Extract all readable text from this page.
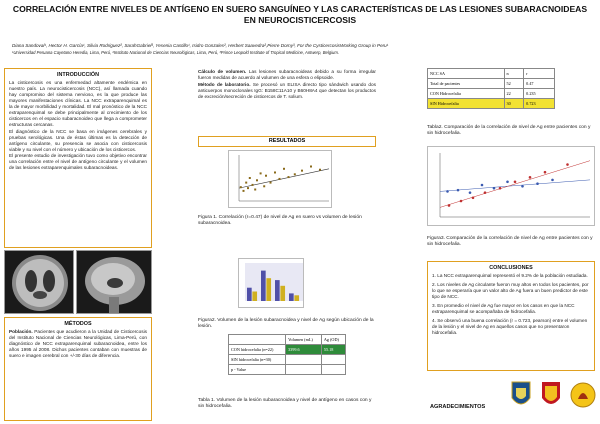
CORRELACIÓN ENTRE NIVELES DE ANTÍGENO EN SUERO SANGUÍNEO Y LAS CARACTERÍSTICAS DE LAS LESIONES SUBARACNOIDEAS EN NEUROCISTICERCOSIS
Diana Sandoval¹, Hector H. García¹, Silvia Rodriguez², SarahGabriel³, Yesenia Castillo¹, Isidro Gonzales², Herbert Saavedra²,Pierre Dorny³, For the CysticercosisWorking Group in Peru¹
¹Universidad Peruana Cayetano Heredia, Lima, Perú, ²Instituto Nacional de Ciencias Neurológicas, Lima, Perú, ³Prince Leopold Institute of Tropical Medicine, Antwerp, Belgium.
INTRODUCCIÓN

La cisticercosis es una enfermedad altamente endémica en nuestro país. La neurocisticercosis (NCC), así llamada cuando hay compromiso del sistema nervioso, es la que produce las mayores manifestaciones clínicas. La NCC extraparenquimal es la de mayor morbilidad y mortalidad. El mal pronóstico de la NCC extraparenquimal se debe principalmente al crecimiento de los cisticercos en el espacio subaracnoideo que llega a comprometer estructuras cercanas.

El diagnóstico de la NCC se basa en imágenes cerebrales y pruebas serológicas. Una de éstas últimas es la detección de antígeno circulante, su presencia se asocia con cisticercosis viable y su nivel con el número y ubicación de los cisticercos.

El presente estudio de investigación tuvo como objetivo encontrar una correlación entre el nivel de antígeno circulante y el volumen de las lesiones extraparenquimales subaracnoideas.

MÉTODOS
Población. Pacientes que acudieron a la Unidad de Cisticercosis del Instituto Nacional de Ciencias Neurológicas, Lima-Perú, con diagnóstico de NCC extraparenquimal subaracnoidea, entre los años 1995 al 2008. Dichos pacientes contaban con muestras de suero e imagen cerebral con +/-30 días de diferencia.

Cálculo de volumen. Las lesiones subaracnoideas debido a su forma irregular fueron medidas de acuerdo al volumen de una esfera o elipsoide.

Método de laboratorio. Se procesó un ELISA directo tipo sándwich usando dos anticuerpos monoclonales IgG: B158C11A10 y B60H8A4 que detectan los productos de excreción/secreción de cisticercos de T. solium.

RESULTADOS
Figura 1. Correlación (r=0.47) de nivel de Ag en suero vs volumen de lesión subaracnoidea.
Figura2. Volumen de la lesión subaracnoidea y nivel de Ag según ubicación de la lesión.
	Volumen (mL)	Ag (OD)
CON hidrocefalia (n=22)	3399.6	55.18
SIN hidrocefalia (n=30)		
p - Value		
Tabla 1. Volumen de la lesión subaracnoidea y nivel de antígeno en casos con y sin hidrocefalia.
NCC SA	n	r
Total de pacientes	52	0.47
CON Hidrocefalia	22	0.235
SIN Hidrocefalia	30	0.723
Tabla2. Comparación de la correlación de nivel de Ag entre pacientes con y sin hidrocefalia.
Figura3. Comparación de la correlación de nivel de Ag entre pacientes con y sin hidrocefalia.
CONCLUSIONES

1. La NCC extraparenquimal representó el 9.2% de la población estudiada.

2. Los niveles de Ag circulante fueron muy altos en todos los pacientes, por lo que se esperaría que un valor alto de Ag fuera un buen predictor de este tipo de NCC.

3. En promedio el nivel de Ag fue mayor en los casos en que la NCC extraparenquimal se acompañaba de hidrocefalia.

4. Se observó una buena correlación (r = 0.723, pearson) entre el volumen de la lesión y el nivel de Ag en aquellos casos que no presentaron hidrocefalia.

AGRADECIMIENTOS
